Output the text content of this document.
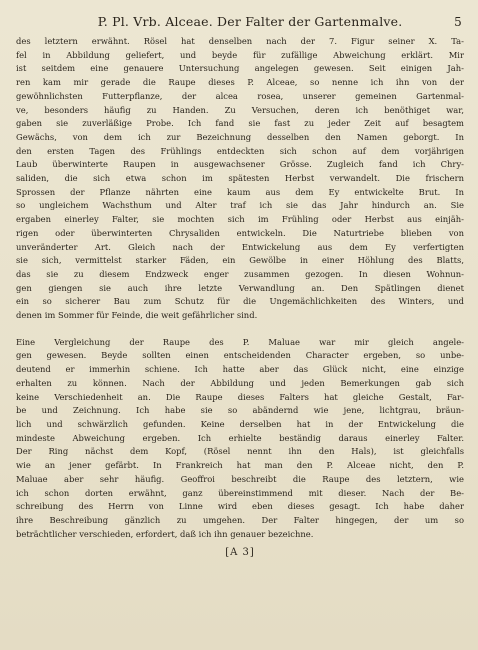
P. Pl. Vrb. Alceae. Der Falter der Gartenmalve.	5
des letztern erwähnt. Rösel hat denselben nach der 7. Figur seiner X. Ta-
fel in Abbildung geliefert, und beyde für zufällige Abweichung erklärt. Mir
ist seitdem eine genauere Untersuchung angelegen gewesen. Seit einigen Jah-
ren kam mir gerade die Raupe dieses P. Alceae, so nenne ich ihn von der
gewöhnlichsten Futterpflanze, der alcea rosea, unserer gemeinen Gartenmal-
ve, besonders häufig zu Handen. Zu Versuchen, deren ich benöthiget war,
gaben sie zuverläßige Probe. Ich fand sie fast zu jeder Zeit auf besagtem
Gewächs, von dem ich zur Bezeichnung desselben den Namen geborgt. In
den ersten Tagen des Frühlings entdeckten sich schon auf dem vorjährigen
Laub überwinterte Raupen in ausgewachsener Grösse. Zugleich fand ich Chry-
saliden, die sich etwa schon im spätesten Herbst verwandelt. Die frischern
Sprossen der Pflanze nährten eine kaum aus dem Ey entwickelte Brut. In
so ungleichem Wachsthum und Alter traf ich sie das Jahr hindurch an. Sie
ergaben einerley Falter, sie mochten sich im Frühling oder Herbst aus einjäh-
rigen oder überwinterten Chrysaliden entwickeln. Die Naturtriebe blieben von
unveränderter Art. Gleich nach der Entwickelung aus dem Ey verfertigten
sie sich, vermittelst starker Fäden, ein Gewölbe in einer Höhlung des Blatts,
das sie zu diesem Endzweck enger zusammen gezogen. In diesen Wohnun-
gen giengen sie auch ihre letzte Verwandlung an. Den Spätlingen dienet
ein so sicherer Bau zum Schutz für die Ungemächlichkeiten des Winters, und
denen im Sommer für Feinde, die weit gefährlicher sind.
Eine Vergleichung der Raupe des P. Maluae war mir gleich angele-
gen gewesen. Beyde sollten einen entscheidenden Character ergeben, so unbe-
deutend er immerhin schiene. Ich hatte aber das Glück nicht, eine einzige
erhalten zu können. Nach der Abbildung und jeden Bemerkungen gab sich
keine Verschiedenheit an. Die Raupe dieses Falters hat gleiche Gestalt, Far-
be und Zeichnung. Ich habe sie so abändernd wie jene, lichtgrau, bräun-
lich und schwärzlich gefunden. Keine derselben hat in der Entwickelung die
mindeste Abweichung ergeben. Ich erhielte beständig daraus einerley Falter.
Der Ring nächst dem Kopf, (Rösel nennt ihn den Hals), ist gleichfalls
wie an jener gefärbt. In Frankreich hat man den P. Alceae nicht, den P.
Maluae aber sehr häufig. Geoffroi beschreibt die Raupe des letztern, wie
ich schon dorten erwähnt, ganz übereinstimmend mit dieser. Nach der Be-
schreibung des Herrn von Linne wird eben dieses gesagt. Ich habe daher
ihre Beschreibung gänzlich zu umgehen. Der Falter hingegen, der um so
beträchtlicher verschieden, erfordert, daß ich ihn genauer bezeichne.
[A 3]
